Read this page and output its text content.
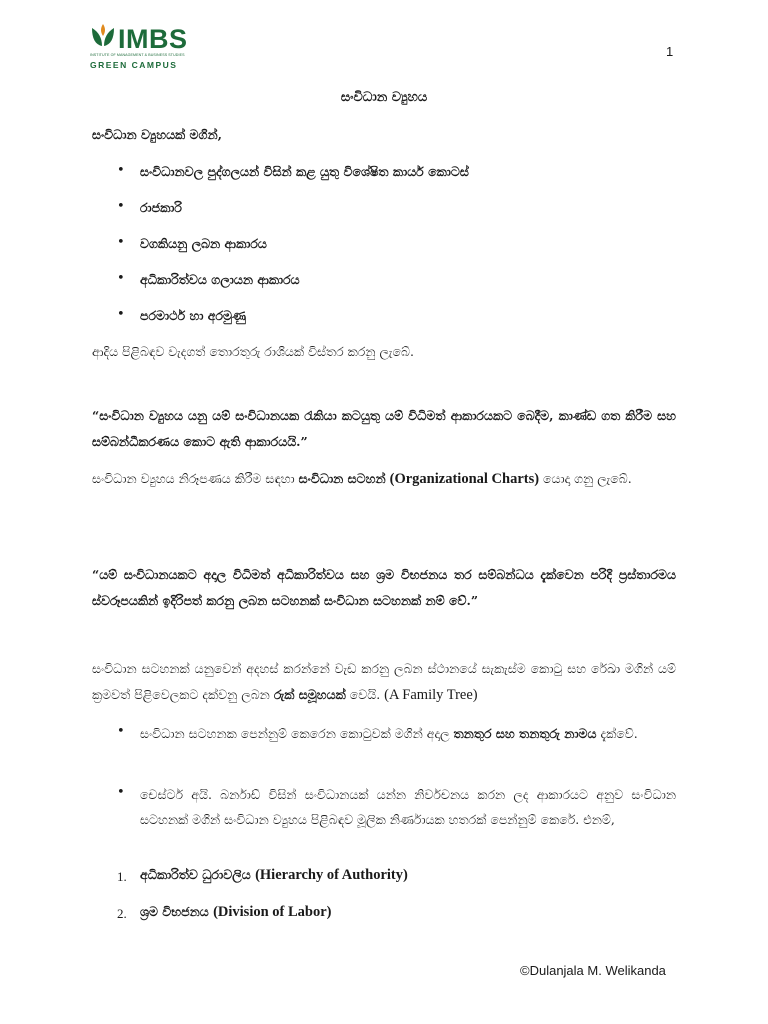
IMBS
INSTITUTE OF MANAGEMENT & BUSINESS STUDIES
GREEN CAMPUS
1
සංවිධාන ව්‍යුහය
සංවිධාන ව්‍යුහයක් මගින්,
• සංවිධානවල පුද්ගලයන් විසින් කළ යුතු විශේෂිත කාර්ය කොටස්
• රාජකාරි
• වගකියනු ලබන ආකාරය
• අධිකාරිත්වය ගලායන ආකාරය
• පරමාර්ථ හා අරමුණු
ආදිය පිළිබඳව වැදගත් තොරතුරු රාශියක් විස්තර කරනු ලැබේ.
“සංවිධාන ව්‍යුහය යනු යම් සංවිධානයක රැකියා කටයුතු යම් විධිමත් ආකාරයකට බෙදීම, කාණ්ඩ ගත කිරීම සහ සම්බන්ධීකරණය කොට ඇති ආකාරයයි.”
සංවිධාන ව්‍යුහය නිරූපණය කිරීම සඳහා සංවිධාන සටහන් (Organizational Charts) යොදා ගනු ලැබේ.
“යම් සංවිධානයකට අදාල විධිමත් අධිකාරිත්වය සහ ශ්‍රම විභජනය තර සම්බන්ධය දැක්වෙන පරිදි ප්‍රස්තාරමය ස්වරූපයකින් ඉදිරිපත් කරනු ලබන සටහනක් සංවිධාන සටහනක් නම් වේ.”
සංවිධාන සටහනක් යනුවෙන් අදහස් කරන්නේ වැඩ කරනු ලබන ස්ථානයේ සැකැස්ම කොටු සහ රේඛා මගින් යම් ක්‍රමවත් පිළිවෙලකට දක්වනු ලබන රුක් සමූහයක් වෙයි. (A Family Tree)
• සංවිධාන සටහනක පෙන්නුම් කෙරෙන කොටුවක් මගින් අදාල තනතුර සහ තනතුරු නාමය දැක්වේ.
• චෙස්ටර් අයි. බර්නාඩ් විසින් සංවිධානයක් යන්න නිර්වචනය කරන ලද ආකාරයට අනුව සංවිධාන සටහනක් මගින් සංවිධාන ව්‍යුහය පිළිබඳව මූලික නිර්ණායක හතරක් පෙන්නුම් කෙරේ. එනම්,
1. අධිකාරිත්ව ධුරාවලිය (Hierarchy of Authority)
2. ශ්‍රම විභජනය (Division of Labor)
©Dulanjala M. Welikanda
